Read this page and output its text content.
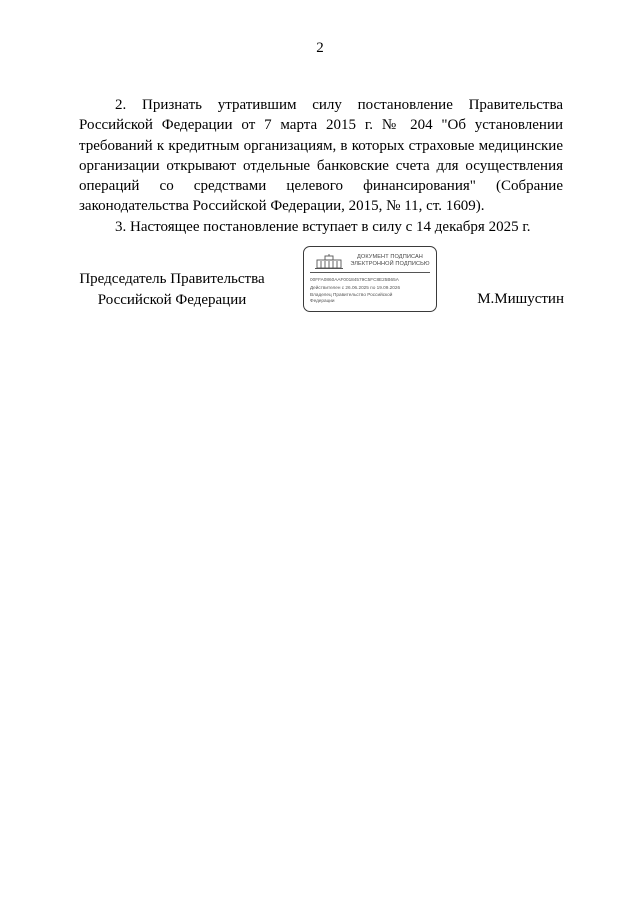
2

2. Признать утратившим силу постановление Правительства Российской Федерации от 7 марта 2015 г. № 204 "Об установлении требований к кредитным организациям, в которых страховые медицинские организации открывают отдельные банковские счета для осуществления операций со средствами целевого финансирования" (Собрание законодательства Российской Федерации, 2015, № 11, ст. 1609).

3. Настоящее постановление вступает в силу с 14 декабря 2025 г.

Председатель Правительства
Российской Федерации
ДОКУМЕНТ ПОДПИСАН
ЭЛЕКТРОННОЙ ПОДПИСЬЮ
00FFA0860AAF00184579C5FC8E25B65A
Действителен с 26.06.2025 по 19.09.2026
Владелец Правительство Российской
Федерации	М.Мишустин
